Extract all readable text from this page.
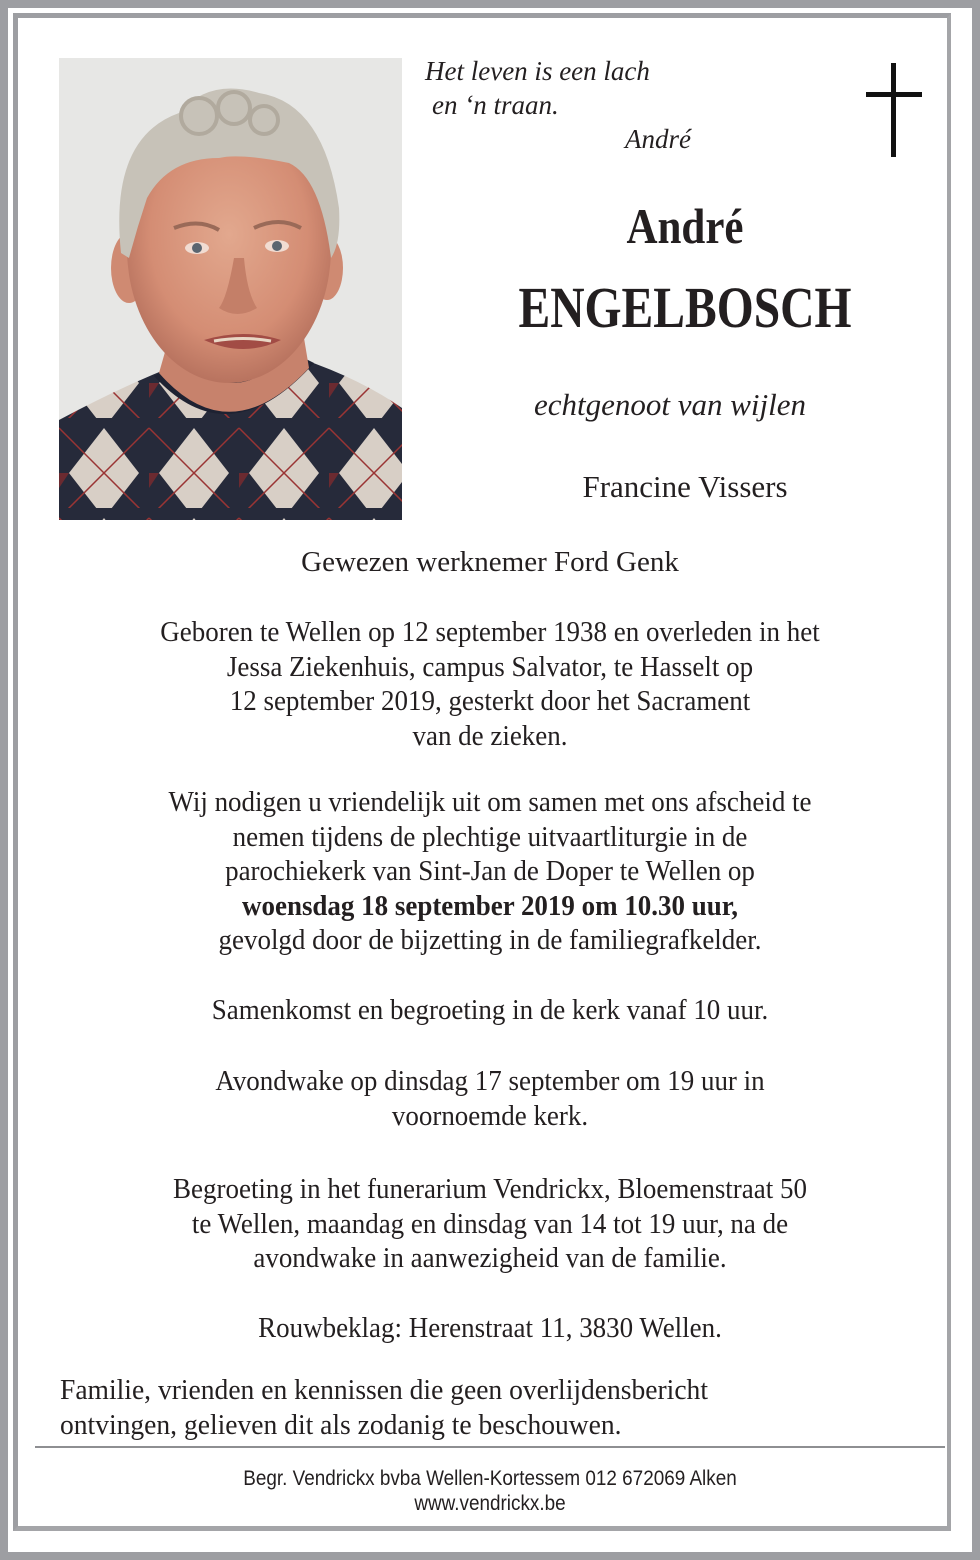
Het leven is een lach
en ‘n traan.
André
André
ENGELBOSCH
echtgenoot van wijlen
Francine Vissers
Gewezen werknemer Ford Genk
Geboren te Wellen op 12 september 1938 en overleden in het
Jessa Ziekenhuis, campus Salvator, te Hasselt op
12 september 2019, gesterkt door het Sacrament
van de zieken.
Wij nodigen u vriendelijk uit om samen met ons afscheid te
nemen tijdens de plechtige uitvaartliturgie in de
parochiekerk van Sint-Jan de Doper te Wellen op
woensdag 18 september 2019 om 10.30 uur,
gevolgd door de bijzetting in de familiegrafkelder.
Samenkomst en begroeting in de kerk vanaf 10 uur.
Avondwake op dinsdag 17 september om 19 uur in
voornoemde kerk.
Begroeting in het funerarium Vendrickx, Bloemenstraat 50
te Wellen, maandag en dinsdag van 14 tot 19 uur, na de
avondwake in aanwezigheid van de familie.
Rouwbeklag: Herenstraat 11, 3830 Wellen.
Familie, vrienden en kennissen die geen overlijdensbericht
ontvingen, gelieven dit als zodanig te beschouwen.
Begr. Vendrickx bvba Wellen-Kortessem 012 672069 Alken
www.vendrickx.be
